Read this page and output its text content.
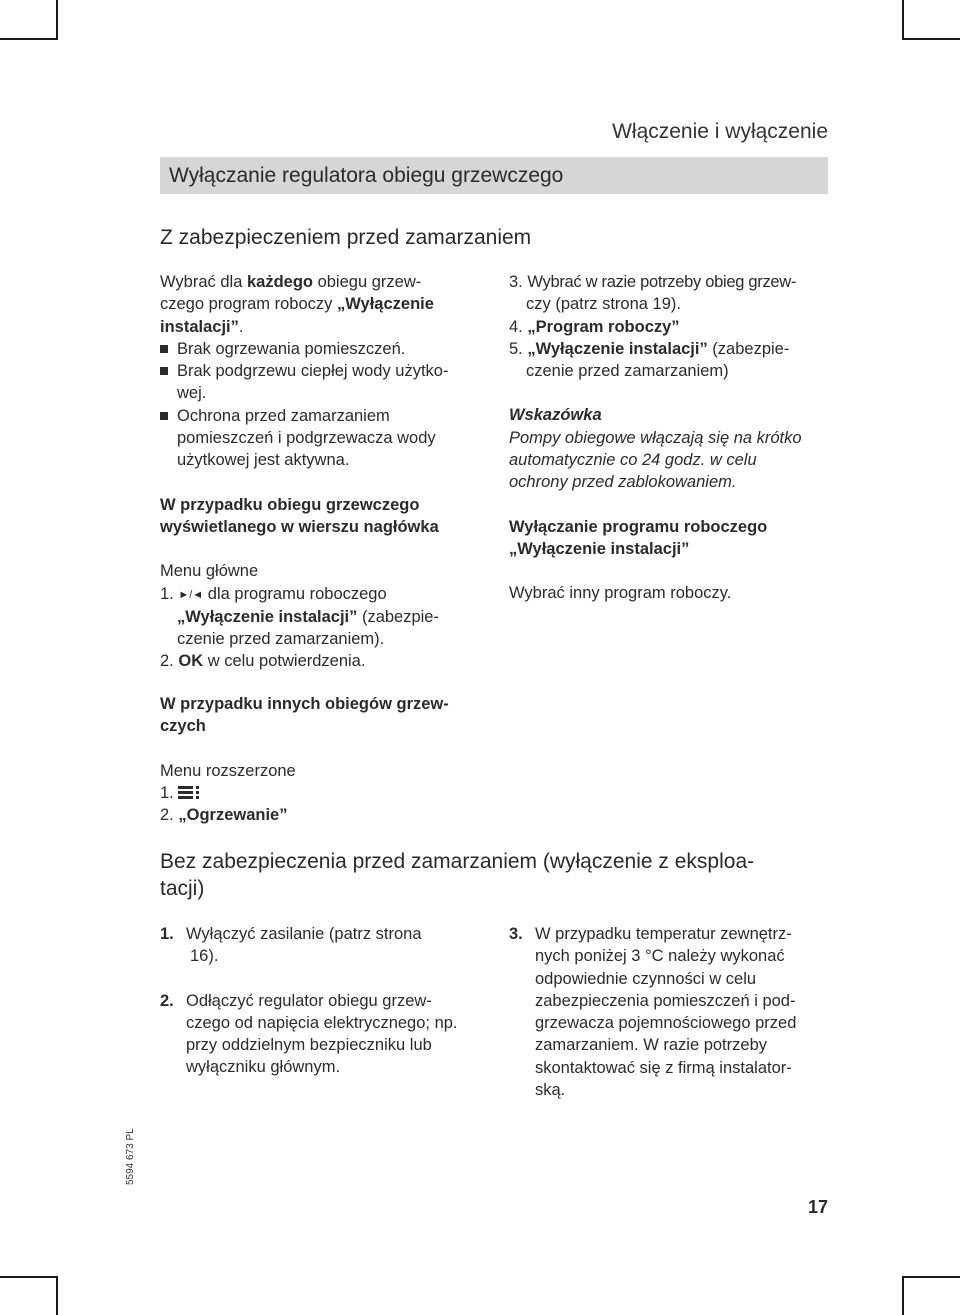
Włączenie i wyłączenie
Wyłączanie regulatora obiegu grzewczego
Z zabezpieczeniem przed zamarzaniem
Wybrać dla każdego obiegu grzew-
czego program roboczy „Wyłączenie
instalacji”.
Brak ogrzewania pomieszczeń.
Brak podgrzewu ciepłej wody użytko-
wej.
Ochrona przed zamarzaniem
pomieszczeń i podgrzewacza wody
użytkowej jest aktywna.
W przypadku obiegu grzewczego
wyświetlanego w wierszu nagłówka
Menu główne
1. ►/◄ dla programu roboczego
„Wyłączenie instalacji” (zabezpie-
czenie przed zamarzaniem).
2. OK w celu potwierdzenia.
3. Wybrać w razie potrzeby obieg grzew-
czy (patrz strona 19).
4. „Program roboczy”
5. „Wyłączenie instalacji” (zabezpie-
czenie przed zamarzaniem)
Wskazówka
Pompy obiegowe włączają się na krótko
automatycznie co 24 godz. w celu
ochrony przed zablokowaniem.
Wyłączanie programu roboczego
„Wyłączenie instalacji”
Wybrać inny program roboczy.
W przypadku innych obiegów grzew-
czych
Menu rozszerzone
1.
2. „Ogrzewanie”
Bez zabezpieczenia przed zamarzaniem (wyłączenie z eksploa-
tacji)
1. Wyłączyć zasilanie (patrz strona
16).
2. Odłączyć regulator obiegu grzew-
czego od napięcia elektrycznego; np.
przy oddzielnym bezpieczniku lub
wyłączniku głównym.
3. W przypadku temperatur zewnętrz-
nych poniżej 3 °C należy wykonać
odpowiednie czynności w celu
zabezpieczenia pomieszczeń i pod-
grzewacza pojemnościowego przed
zamarzaniem. W razie potrzeby
skontaktować się z firmą instalator-
ską.
5594 673 PL
17
